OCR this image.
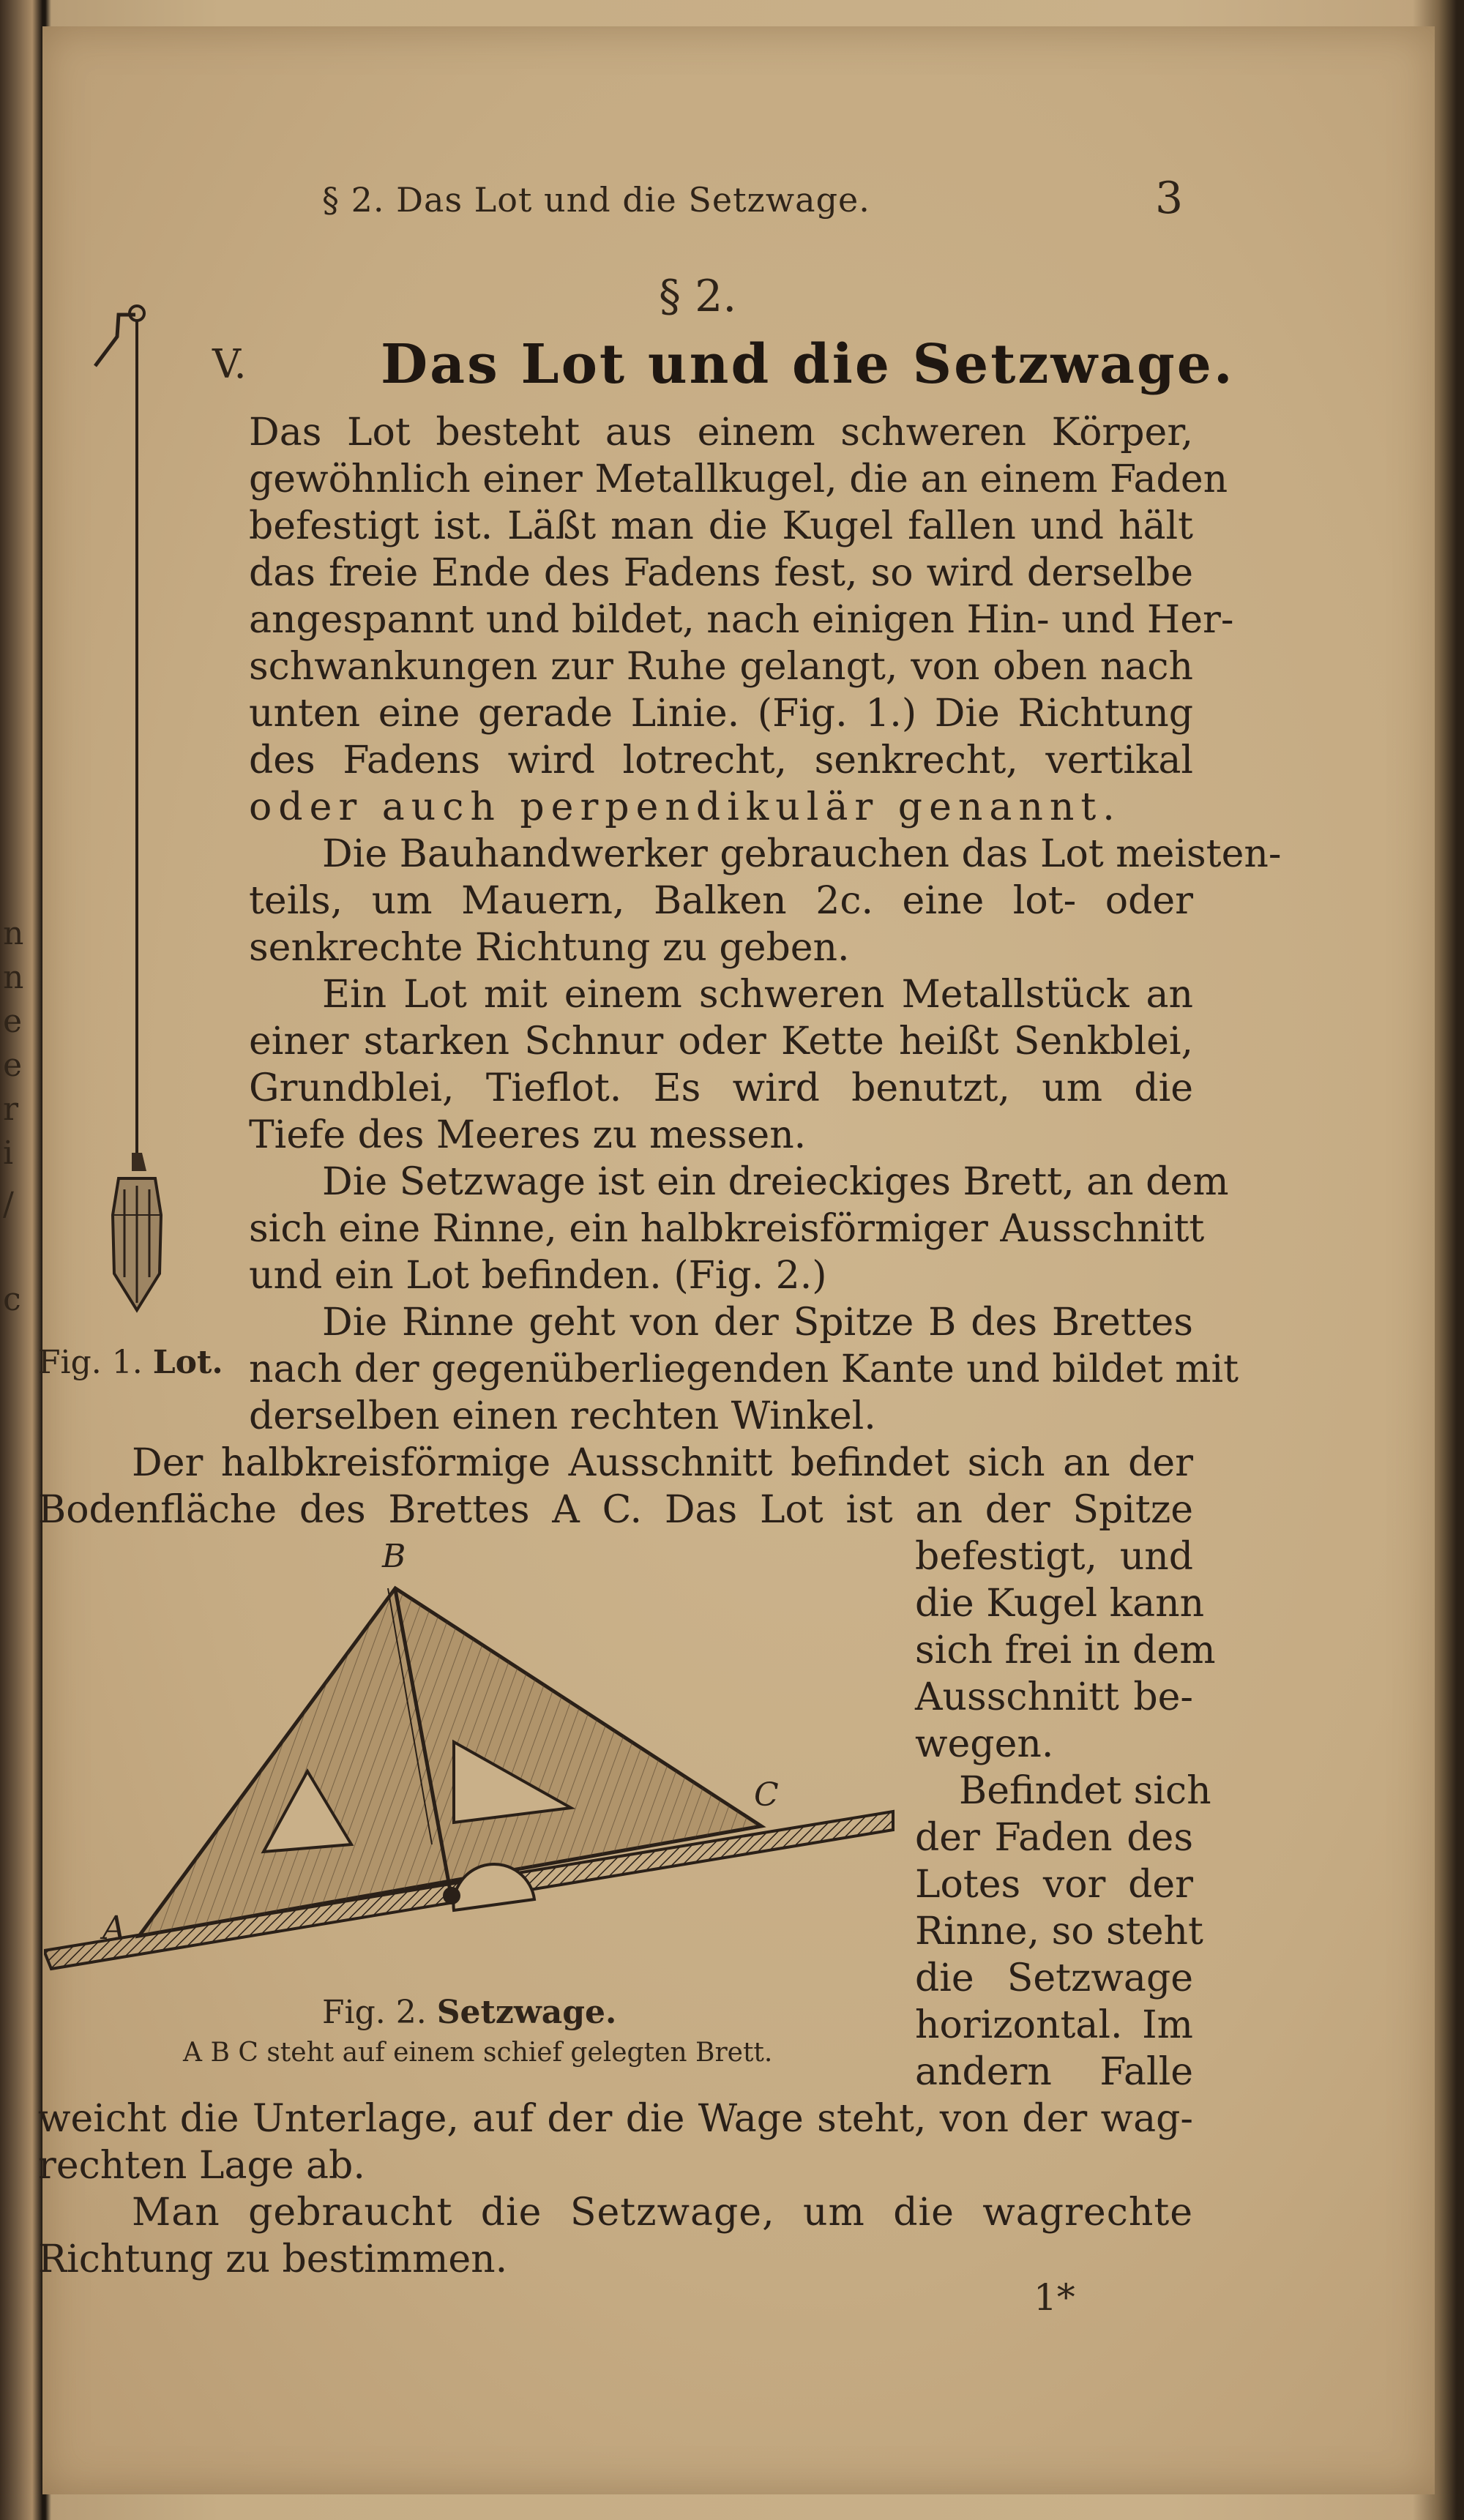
n
n
e
e
r
i
/
c
§ 2. Das Lot und die Setzwage.	3
§ 2.
V. Das Lot und die Setzwage.
Fig. 1. Lot.
Das Lot besteht aus einem schweren Körper,
gewöhnlich einer Metallkugel, die an einem Faden
befestigt ist. Läßt man die Kugel fallen und hält
das freie Ende des Fadens fest, so wird derselbe
angespannt und bildet, nach einigen Hin- und Her-
schwankungen zur Ruhe gelangt, von oben nach
unten eine gerade Linie. (Fig. 1.) Die Richtung
des Fadens wird lotrecht, senkrecht, vertikal
oder auch perpendikulär genannt.
Die Bauhandwerker gebrauchen das Lot meisten-
teils, um Mauern, Balken 2c. eine lot- oder
senkrechte Richtung zu geben.
Ein Lot mit einem schweren Metallstück an
einer starken Schnur oder Kette heißt Senkblei,
Grundblei, Tieflot. Es wird benutzt, um die
Tiefe des Meeres zu messen.
Die Setzwage ist ein dreieckiges Brett, an dem
sich eine Rinne, ein halbkreisförmiger Ausschnitt
und ein Lot befinden. (Fig. 2.)
Die Rinne geht von der Spitze B des Brettes
nach der gegenüberliegenden Kante und bildet mit
derselben einen rechten Winkel.
Der halbkreisförmige Ausschnitt befindet sich an der
Bodenfläche des Brettes A C. Das Lot ist an der Spitze
befestigt, und
die Kugel kann
sich frei in dem
Ausschnitt be-
wegen.
Befindet sich
der Faden des
Lotes vor der
Rinne, so steht
die Setzwage
horizontal. Im
andern Falle
B
C
A
Fig. 2. Setzwage.
A B C steht auf einem schief gelegten Brett.
weicht die Unterlage, auf der die Wage steht, von der wag-
rechten Lage ab.
Man gebraucht die Setzwage, um die wagrechte
Richtung zu bestimmen.
1*
